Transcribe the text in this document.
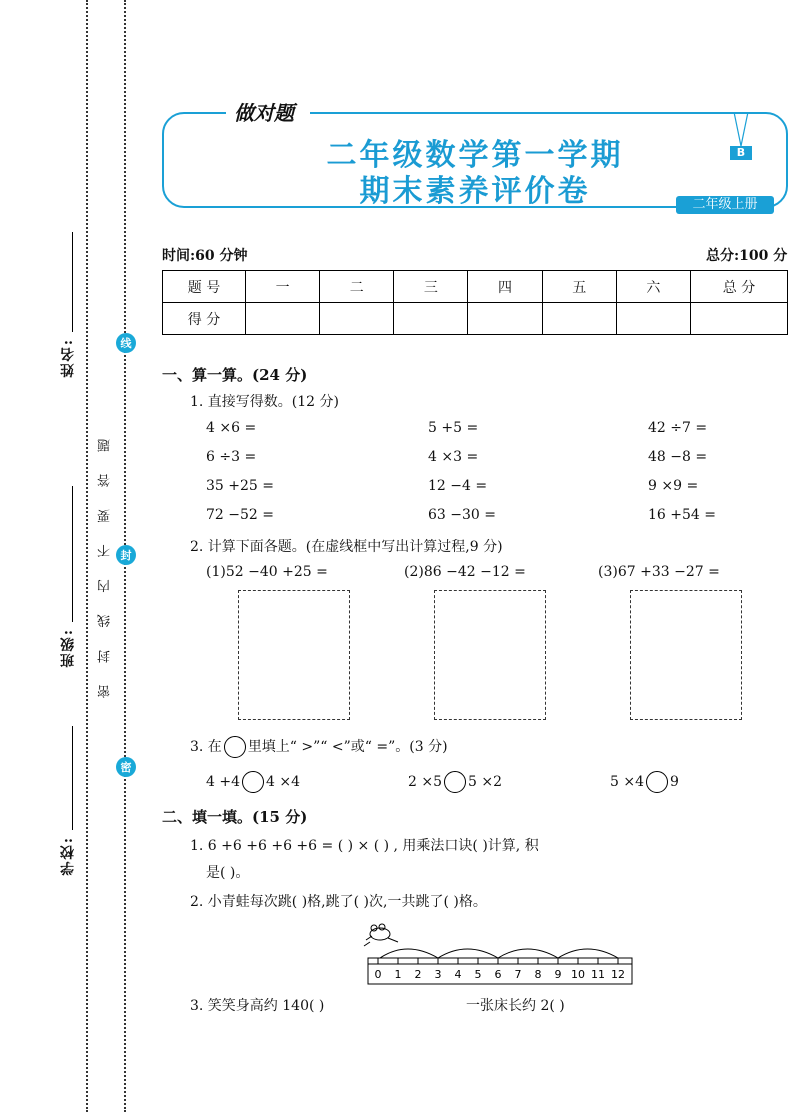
姓名:
班级:
学校:
密 封 线 内 不 要 答 题
线
封
密
做对题
二年级数学第一学期
期末素养评价卷
B
二年级上册
时间:60 分钟	总分:100 分
题 号	一	二	三	四	五	六	总 分
得 分							
一、算一算。(24 分)
1. 直接写得数。(12 分)
4 ×6 =	5 +5 =	42 ÷7 =
6 ÷3 =	4 ×3 =	48 −8 =
35 +25 =	12 −4 =	9 ×9 =
72 −52 =	63 −30 =	16 +54 =
2. 计算下面各题。(在虚线框中写出计算过程,9 分)
(1)52 −40 +25 =	(2)86 −42 −12 =	(3)67 +33 −27 =
3. 在 里填上“ >”“ <”或“ =”。(3 分)
4 +4 4 ×4	2 ×5 5 ×2	5 ×4 9
二、填一填。(15 分)
1. 6 +6 +6 +6 +6 = ( ) × ( ) , 用乘法口诀( )计算, 积
是( )。
2. 小青蛙每次跳( )格,跳了( )次,一共跳了( )格。
0 1 2 3 4 5 6 7 8 9 10 11 12
3. 笑笑身高约 140( )	一张床长约 2( )
